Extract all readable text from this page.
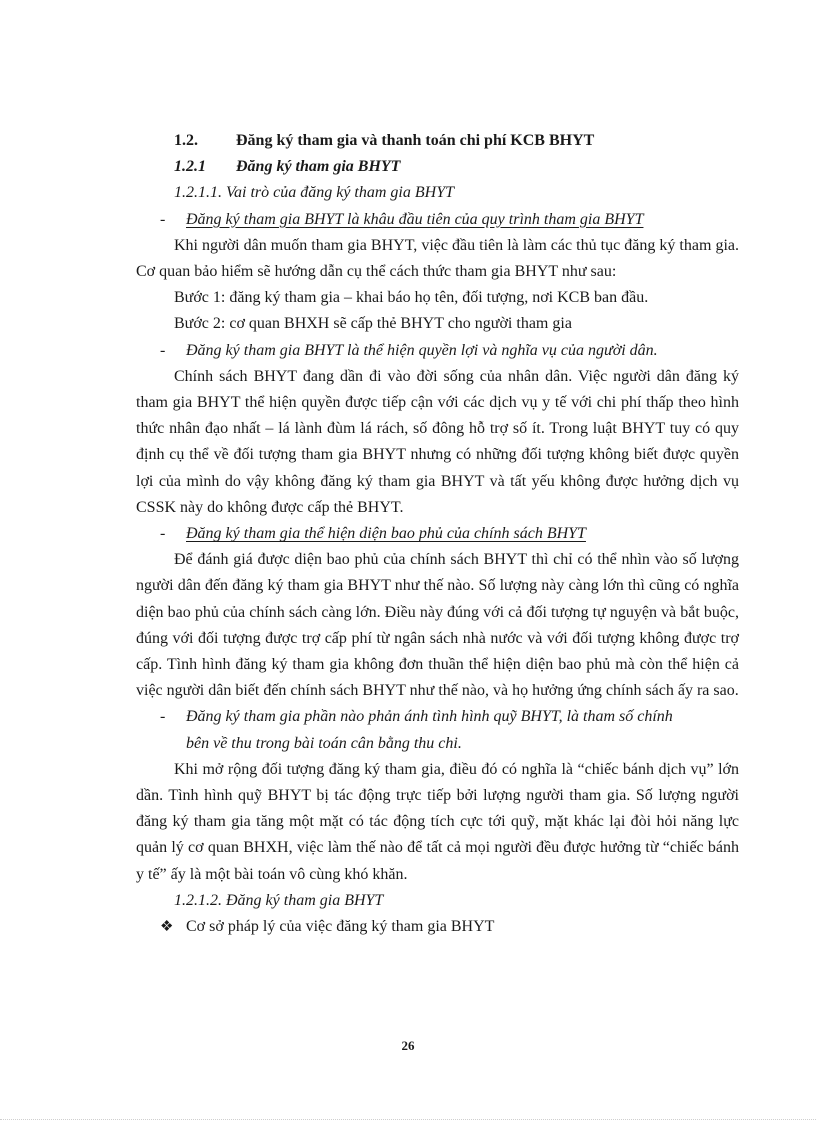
1.2. Đăng ký tham gia và thanh toán chi phí KCB BHYT

1.2.1 Đăng ký tham gia BHYT

1.2.1.1. Vai trò của đăng ký tham gia BHYT

- Đăng ký tham gia BHYT là khâu đầu tiên của quy trình tham gia BHYT

Khi người dân muốn tham gia BHYT, việc đầu tiên là làm các thủ tục đăng ký tham gia. Cơ quan bảo hiểm sẽ hướng dẫn cụ thể cách thức tham gia BHYT như sau:

Bước 1: đăng ký tham gia – khai báo họ tên, đối tượng, nơi KCB ban đầu.

Bước 2: cơ quan BHXH sẽ cấp thẻ BHYT cho người tham gia

- Đăng ký tham gia BHYT là thể hiện quyền lợi và nghĩa vụ của người dân.

Chính sách BHYT đang dần đi vào đời sống của nhân dân. Việc người dân đăng ký tham gia BHYT thể hiện quyền được tiếp cận với các dịch vụ y tế với chi phí thấp theo hình thức nhân đạo nhất – lá lành đùm lá rách, số đông hỗ trợ số ít. Trong luật BHYT tuy có quy định cụ thể về đối tượng tham gia BHYT nhưng có những đối tượng không biết được quyền lợi của mình do vậy không đăng ký tham gia BHYT và tất yếu không được hưởng dịch vụ CSSK này do không được cấp thẻ BHYT.

- Đăng ký tham gia thể hiện diện bao phủ của chính sách BHYT

Để đánh giá được diện bao phủ của chính sách BHYT thì chỉ có thể nhìn vào số lượng người dân đến đăng ký tham gia BHYT như thế nào. Số lượng này càng lớn thì cũng có nghĩa diện bao phủ của chính sách càng lớn. Điều này đúng với cả đối tượng tự nguyện và bắt buộc, đúng với đối tượng được trợ cấp phí từ ngân sách nhà nước và với đối tượng không được trợ cấp. Tình hình đăng ký tham gia không đơn thuần thể hiện diện bao phủ mà còn thể hiện cả việc người dân biết đến chính sách BHYT như thế nào, và họ hưởng ứng chính sách ấy ra sao.

- Đăng ký tham gia phần nào phản ánh tình hình quỹ BHYT, là tham số chính

bên về thu trong bài toán cân bằng thu chi.

Khi mở rộng đối tượng đăng ký tham gia, điều đó có nghĩa là “chiếc bánh dịch vụ” lớn dần. Tình hình quỹ BHYT bị tác động trực tiếp bởi lượng người tham gia. Số lượng người đăng ký tham gia tăng một mặt có tác động tích cực tới quỹ, mặt khác lại đòi hỏi năng lực quản lý cơ quan BHXH, việc làm thế nào để tất cả mọi người đều được hưởng từ “chiếc bánh y tế” ấy là một bài toán vô cùng khó khăn.

1.2.1.2. Đăng ký tham gia BHYT

❖ Cơ sở pháp lý của việc đăng ký tham gia BHYT

26
